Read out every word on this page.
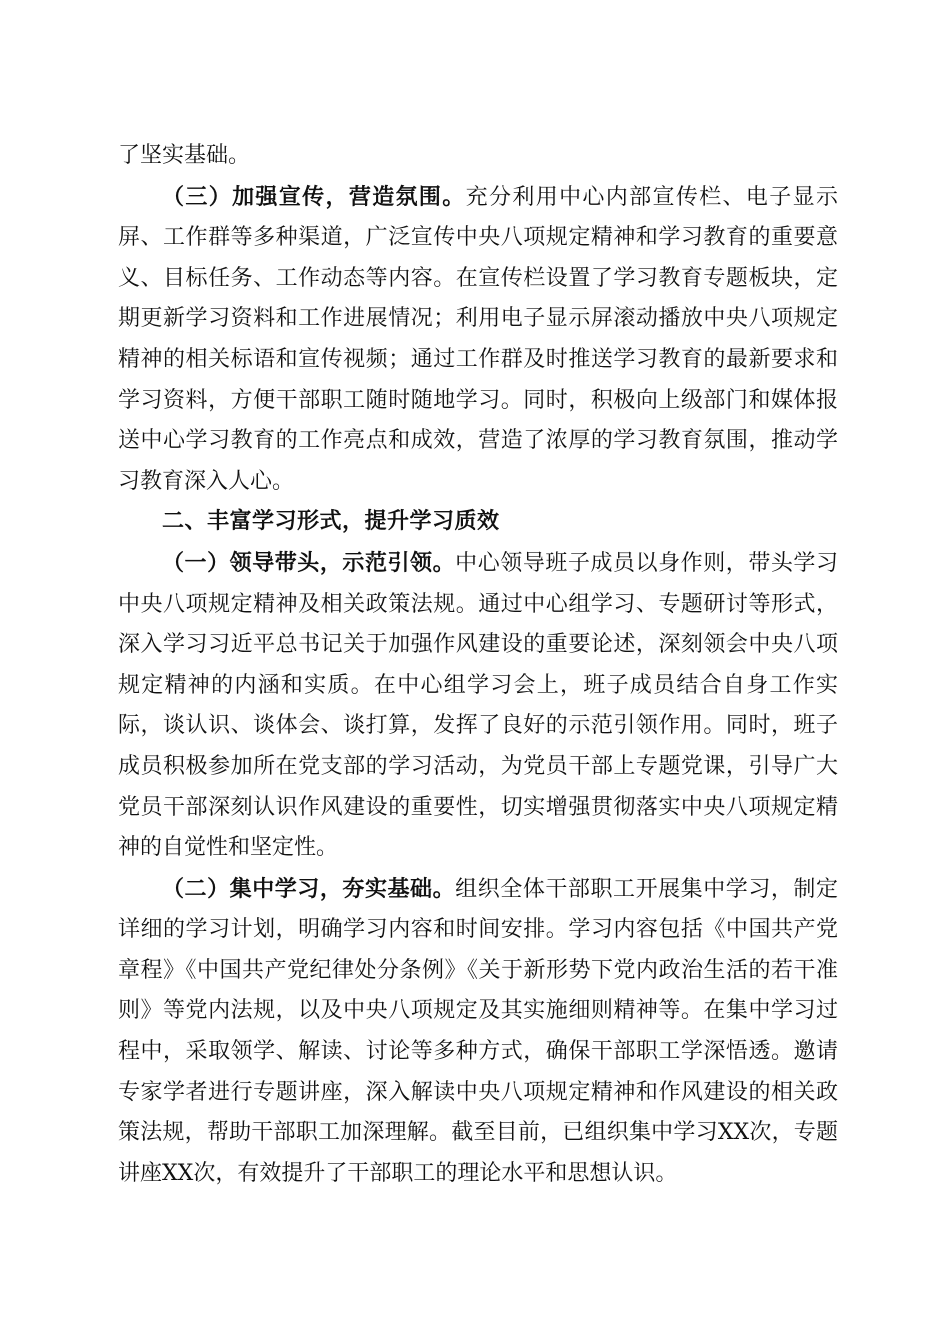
了坚实基础。

（三）加强宣传，营造氛围。充分利用中心内部宣传栏、电子显示屏、工作群等多种渠道，广泛宣传中央八项规定精神和学习教育的重要意义、目标任务、工作动态等内容。在宣传栏设置了学习教育专题板块，定期更新学习资料和工作进展情况；利用电子显示屏滚动播放中央八项规定精神的相关标语和宣传视频；通过工作群及时推送学习教育的最新要求和学习资料，方便干部职工随时随地学习。同时，积极向上级部门和媒体报送中心学习教育的工作亮点和成效，营造了浓厚的学习教育氛围，推动学习教育深入人心。

二、丰富学习形式，提升学习质效

（一）领导带头，示范引领。中心领导班子成员以身作则，带头学习中央八项规定精神及相关政策法规。通过中心组学习、专题研讨等形式，深入学习习近平总书记关于加强作风建设的重要论述，深刻领会中央八项规定精神的内涵和实质。在中心组学习会上，班子成员结合自身工作实际，谈认识、谈体会、谈打算，发挥了良好的示范引领作用。同时，班子成员积极参加所在党支部的学习活动，为党员干部上专题党课，引导广大党员干部深刻认识作风建设的重要性，切实增强贯彻落实中央八项规定精神的自觉性和坚定性。

（二）集中学习，夯实基础。组织全体干部职工开展集中学习，制定详细的学习计划，明确学习内容和时间安排。学习内容包括《中国共产党章程》《中国共产党纪律处分条例》《关于新形势下党内政治生活的若干准则》等党内法规，以及中央八项规定及其实施细则精神等。在集中学习过程中，采取领学、解读、讨论等多种方式，确保干部职工学深悟透。邀请专家学者进行专题讲座，深入解读中央八项规定精神和作风建设的相关政策法规，帮助干部职工加深理解。截至目前，已组织集中学习XX次，专题讲座XX次，有效提升了干部职工的理论水平和思想认识。
